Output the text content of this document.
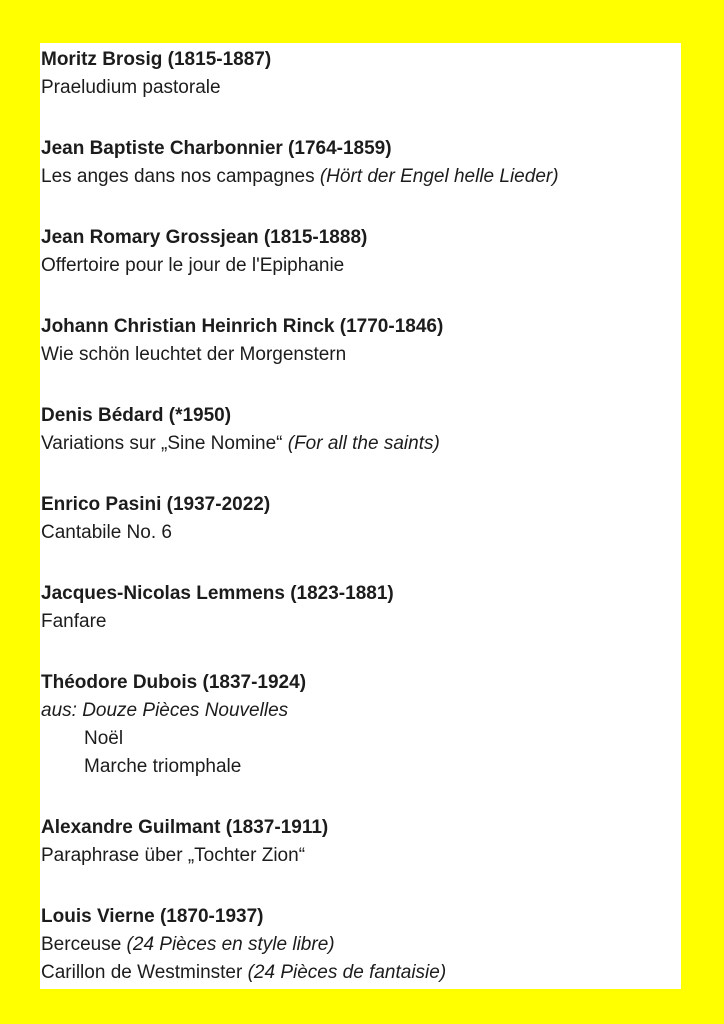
Moritz Brosig (1815-1887)
Praeludium pastorale
Jean Baptiste Charbonnier (1764-1859)
Les anges dans nos campagnes (Hört der Engel helle Lieder)
Jean Romary Grossjean (1815-1888)
Offertoire pour le jour de l'Epiphanie
Johann Christian Heinrich Rinck (1770-1846)
Wie schön leuchtet der Morgenstern
Denis Bédard (*1950)
Variations sur „Sine Nomine“ (For all the saints)
Enrico Pasini (1937-2022)
Cantabile No. 6
Jacques-Nicolas Lemmens (1823-1881)
Fanfare
Théodore Dubois (1837-1924)
aus: Douze Pièces Nouvelles
Noël
Marche triomphale
Alexandre Guilmant (1837-1911)
Paraphrase über „Tochter Zion“
Louis Vierne (1870-1937)
Berceuse (24 Pièces en style libre)
Carillon de Westminster (24 Pièces de fantaisie)
